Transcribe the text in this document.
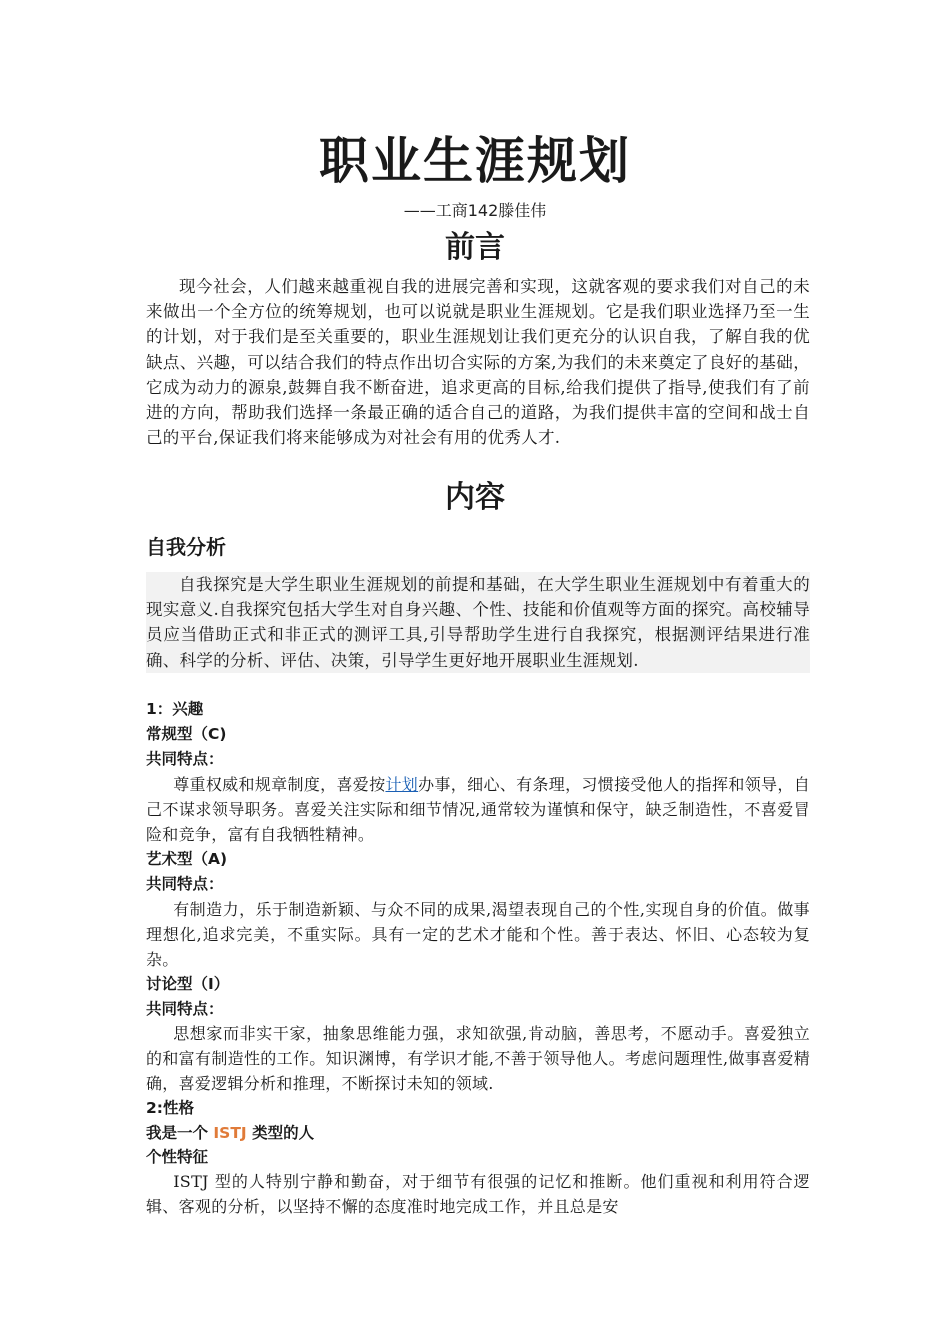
职业生涯规划
——工商142滕佳伟
前言

现今社会，人们越来越重视自我的进展完善和实现，这就客观的要求我们对自己的未来做出一个全方位的统筹规划，也可以说就是职业生涯规划。它是我们职业选择乃至一生的计划，对于我们是至关重要的，职业生涯规划让我们更充分的认识自我，了解自我的优缺点、兴趣，可以结合我们的特点作出切合实际的方案,为我们的未来奠定了良好的基础，它成为动力的源泉,鼓舞自我不断奋进，追求更高的目标,给我们提供了指导,使我们有了前进的方向，帮助我们选择一条最正确的适合自己的道路，为我们提供丰富的空间和战士自己的平台,保证我们将来能够成为对社会有用的优秀人才.

内容
自我分析

自我探究是大学生职业生涯规划的前提和基础，在大学生职业生涯规划中有着重大的现实意义.自我探究包括大学生对自身兴趣、个性、技能和价值观等方面的探究。高校辅导员应当借助正式和非正式的测评工具,引导帮助学生进行自我探究，根据测评结果进行准确、科学的分析、评估、决策，引导学生更好地开展职业生涯规划.

1：兴趣
常规型（C)
共同特点：

尊重权威和规章制度，喜爱按计划办事，细心、有条理，习惯接受他人的指挥和领导，自己不谋求领导职务。喜爱关注实际和细节情况,通常较为谨慎和保守，缺乏制造性，不喜爱冒险和竞争，富有自我牺牲精神。

艺术型（A)
共同特点：

有制造力，乐于制造新颖、与众不同的成果,渴望表现自己的个性,实现自身的价值。做事理想化,追求完美，不重实际。具有一定的艺术才能和个性。善于表达、怀旧、心态较为复杂。

讨论型（I）
共同特点：

思想家而非实干家，抽象思维能力强，求知欲强,肯动脑，善思考，不愿动手。喜爱独立的和富有制造性的工作。知识渊博，有学识才能,不善于领导他人。考虑问题理性,做事喜爱精确，喜爱逻辑分析和推理，不断探讨未知的领域.

2:性格
我是一个 ISTJ 类型的人
个性特征

ISTJ 型的人特别宁静和勤奋，对于细节有很强的记忆和推断。他们重视和利用符合逻辑、客观的分析，以坚持不懈的态度准时地完成工作，并且总是安
